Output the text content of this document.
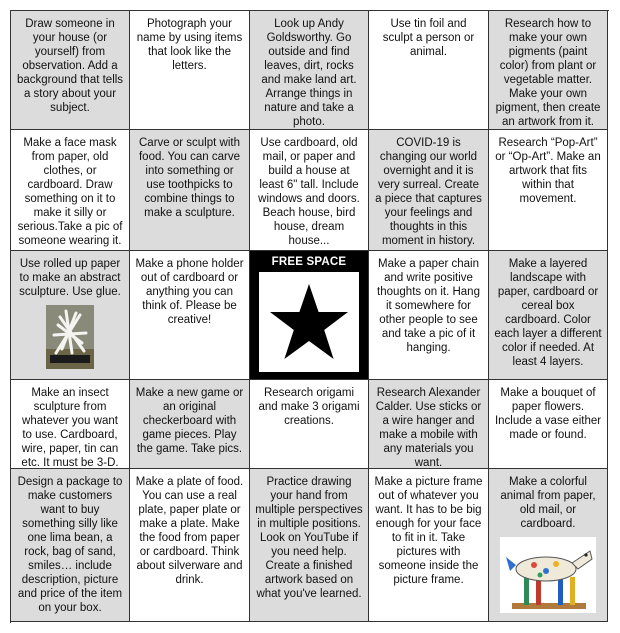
Draw someone in your house (or yourself) from observation. Add a background that tells a story about your subject.
Photograph your name by using items that look like the letters.
Look up Andy Goldsworthy. Go outside and find leaves, dirt, rocks and make land art. Arrange things in nature and take a photo.
Use tin foil and sculpt a person or animal.
Research how to make your own pigments (paint color) from plant or vegetable matter. Make your own pigment, then create an artwork from it.
Make a face mask from paper, old clothes, or cardboard. Draw something on it to make it silly or serious.Take a pic of someone wearing it.
Carve or sculpt with food. You can carve into something or use toothpicks to combine things to make a sculpture.
Use cardboard, old mail, or paper and build a house at least 6" tall. Include windows and doors. Beach house, bird house, dream house...
COVID-19 is changing our world overnight and it is very surreal. Create a piece that captures your feelings and thoughts in this moment in history.
Research “Pop-Art” or “Op-Art”. Make an artwork that fits within that movement.
Use rolled up paper to make an abstract sculpture. Use glue.
Make a phone holder out of cardboard or anything you can think of. Please be creative!
FREE SPACE	Make a paper chain and write positive thoughts on it. Hang it somewhere for other people to see and take a pic of it hanging.
Make a layered landscape with paper, cardboard or cereal box cardboard. Color each layer a different color if needed. At least 4 layers.
Make an insect sculpture from whatever you want to use. Cardboard, wire, paper, tin can etc. It must be 3-D.
Make a new game or an original checkerboard with game pieces. Play the game. Take pics.
Research origami and make 3 origami creations.
Research Alexander Calder. Use sticks or a wire hanger and make a mobile with any materials you want.
Make a bouquet of paper flowers. Include a vase either made or found.
Design a package to make customers want to buy something silly like one lima bean, a rock, bag of sand, smiles… include description, picture and price of the item on your box.
Make a plate of food. You can use a real plate, paper plate or make a plate. Make the food from paper or cardboard. Think about silverware and drink.
Practice drawing your hand from multiple perspectives in multiple positions. Look on YouTube if you need help. Create a finished artwork based on what you've learned.
Make a picture frame out of whatever you want. It has to be big enough for your face to fit in it. Take pictures with someone inside the picture frame.
Make a colorful animal from paper, old mail, or cardboard.
